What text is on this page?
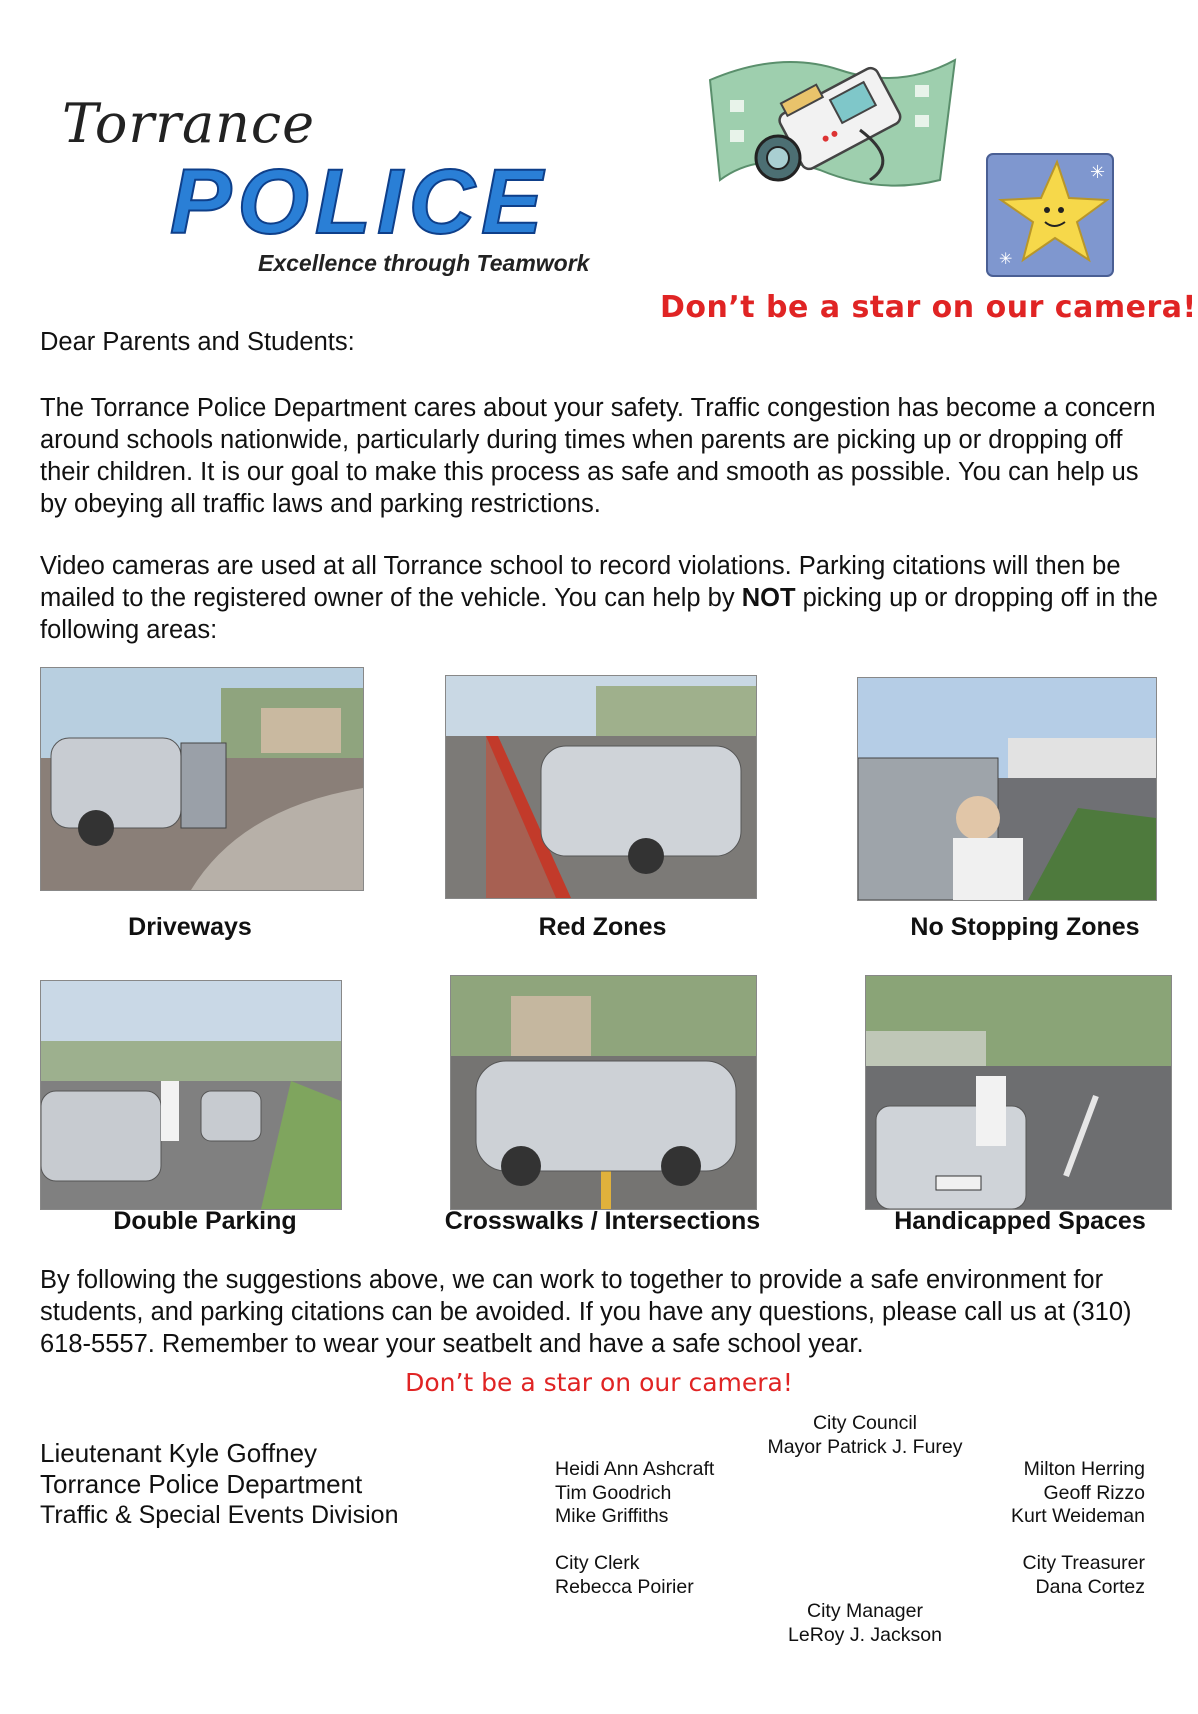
Torrance
POLICE
Excellence through Teamwork
✳
✳
Don’t be a star on our camera!
Dear Parents and Students:
The Torrance Police Department cares about your safety. Traffic congestion has become a concern around schools nationwide, particularly during times when parents are picking up or dropping off their children. It is our goal to make this process as safe and smooth as possible. You can help us by obeying all traffic laws and parking restrictions.
Video cameras are used at all Torrance school to record violations. Parking citations will then be mailed to the registered owner of the vehicle. You can help by NOT picking up or dropping off in the following areas:
Driveways	Red Zones	No Stopping Zones
Double Parking	Crosswalks / Intersections	Handicapped Spaces
By following the suggestions above, we can work to together to provide a safe environment for students, and parking citations can be avoided. If you have any questions, please call us at (310) 618-5557. Remember to wear your seatbelt and have a safe school year.
Don’t be a star on our camera!
Lieutenant Kyle Goffney
Torrance Police Department
Traffic & Special Events Division
City Council
Mayor Patrick J. Furey
Heidi Ann Ashcraft
Tim Goodrich
Mike Griffiths
Milton Herring
Geoff Rizzo
Kurt Weideman
City Clerk
Rebecca Poirier
City Treasurer
Dana Cortez
City Manager
LeRoy J. Jackson
